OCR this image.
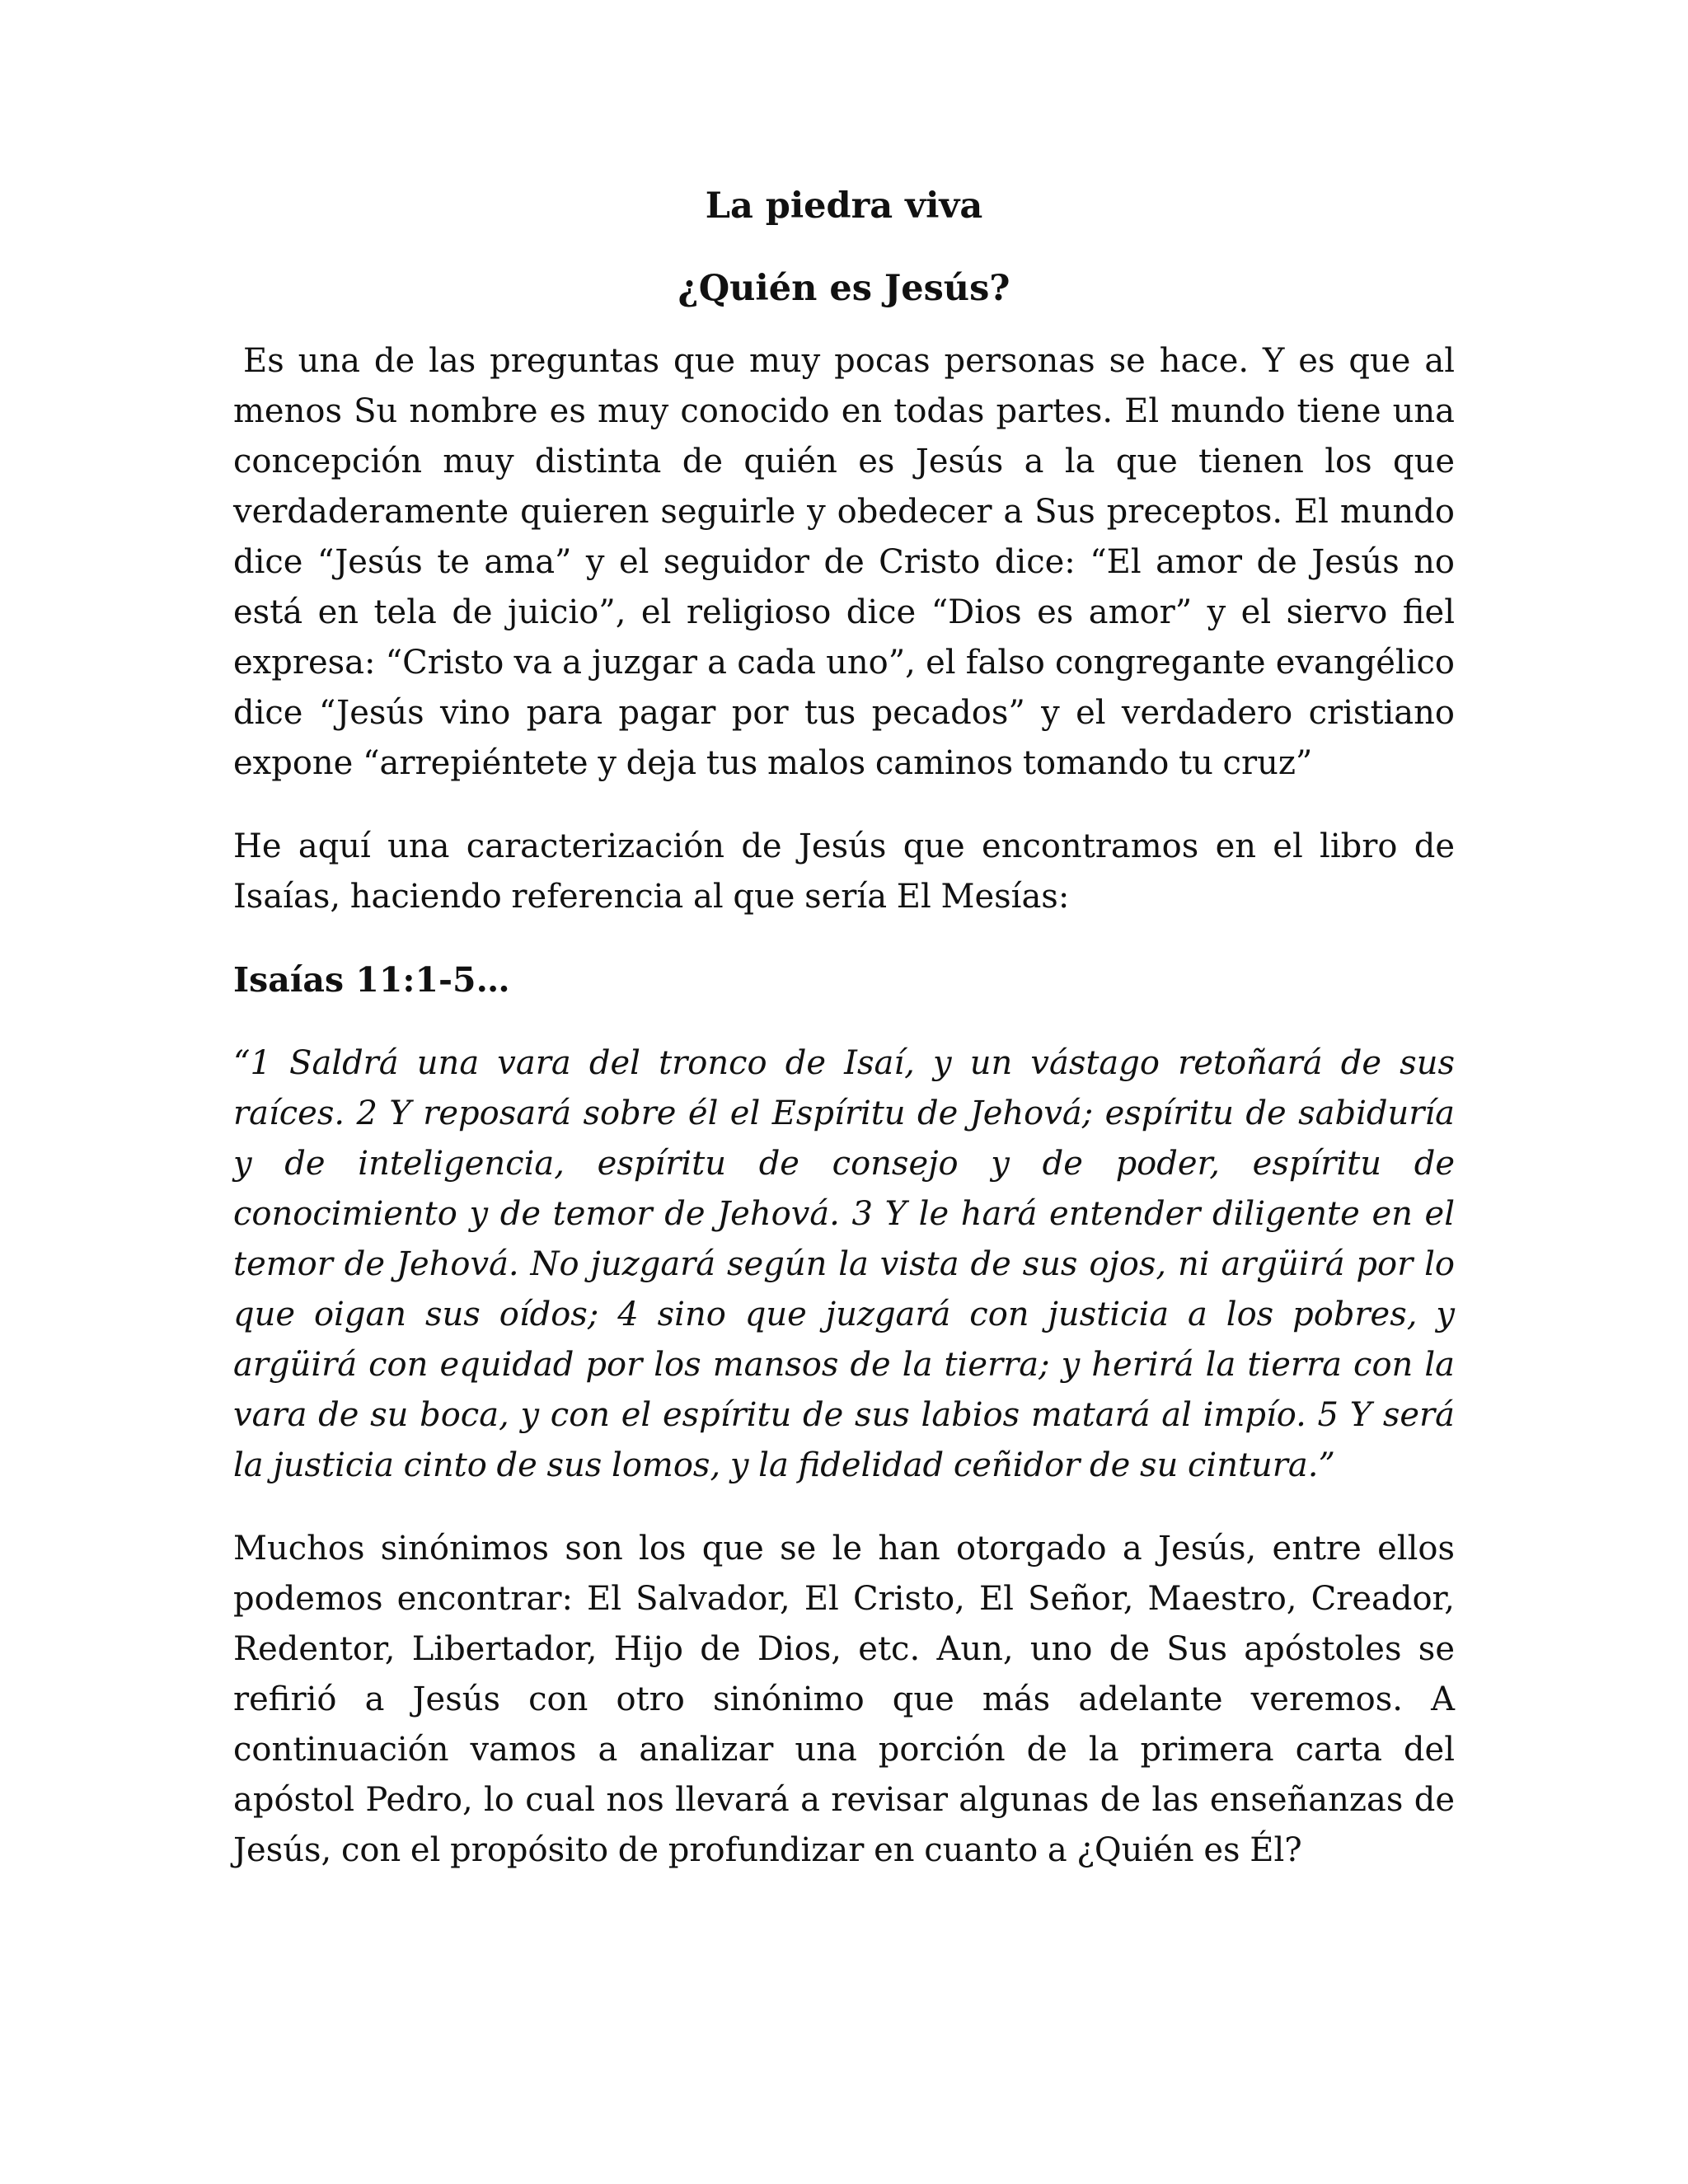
La piedra viva
¿Quién es Jesús?

Es una de las preguntas que muy pocas personas se hace. Y es que al menos Su nombre es muy conocido en todas partes. El mundo tiene una concepción muy distinta de quién es Jesús a la que tienen los que verdaderamente quieren seguirle y obedecer a Sus preceptos. El mundo dice “Jesús te ama” y el seguidor de Cristo dice: “El amor de Jesús no está en tela de juicio”, el religioso dice “Dios es amor” y el siervo fiel expresa: “Cristo va a juzgar a cada uno”, el falso congregante evangélico dice “Jesús vino para pagar por tus pecados” y el verdadero cristiano expone “arrepiéntete y deja tus malos caminos tomando tu cruz”

He aquí una caracterización de Jesús que encontramos en el libro de Isaías, haciendo referencia al que sería El Mesías:

Isaías 11:1-5…

“1 Saldrá una vara del tronco de Isaí, y un vástago retoñará de sus raíces. 2 Y reposará sobre él el Espíritu de Jehová; espíritu de sabiduría y de inteligencia, espíritu de consejo y de poder, espíritu de conocimiento y de temor de Jehová. 3 Y le hará entender diligente en el temor de Jehová. No juzgará según la vista de sus ojos, ni argüirá por lo que oigan sus oídos; 4 sino que juzgará con justicia a los pobres, y argüirá con equidad por los mansos de la tierra; y herirá la tierra con la vara de su boca, y con el espíritu de sus labios matará al impío. 5 Y será la justicia cinto de sus lomos, y la fidelidad ceñidor de su cintura.”

Muchos sinónimos son los que se le han otorgado a Jesús, entre ellos podemos encontrar: El Salvador, El Cristo, El Señor, Maestro, Creador, Redentor, Libertador, Hijo de Dios, etc. Aun, uno de Sus apóstoles se refirió a Jesús con otro sinónimo que más adelante veremos. A continuación vamos a analizar una porción de la primera carta del apóstol Pedro, lo cual nos llevará a revisar algunas de las enseñanzas de Jesús, con el propósito de profundizar en cuanto a ¿Quién es Él?
